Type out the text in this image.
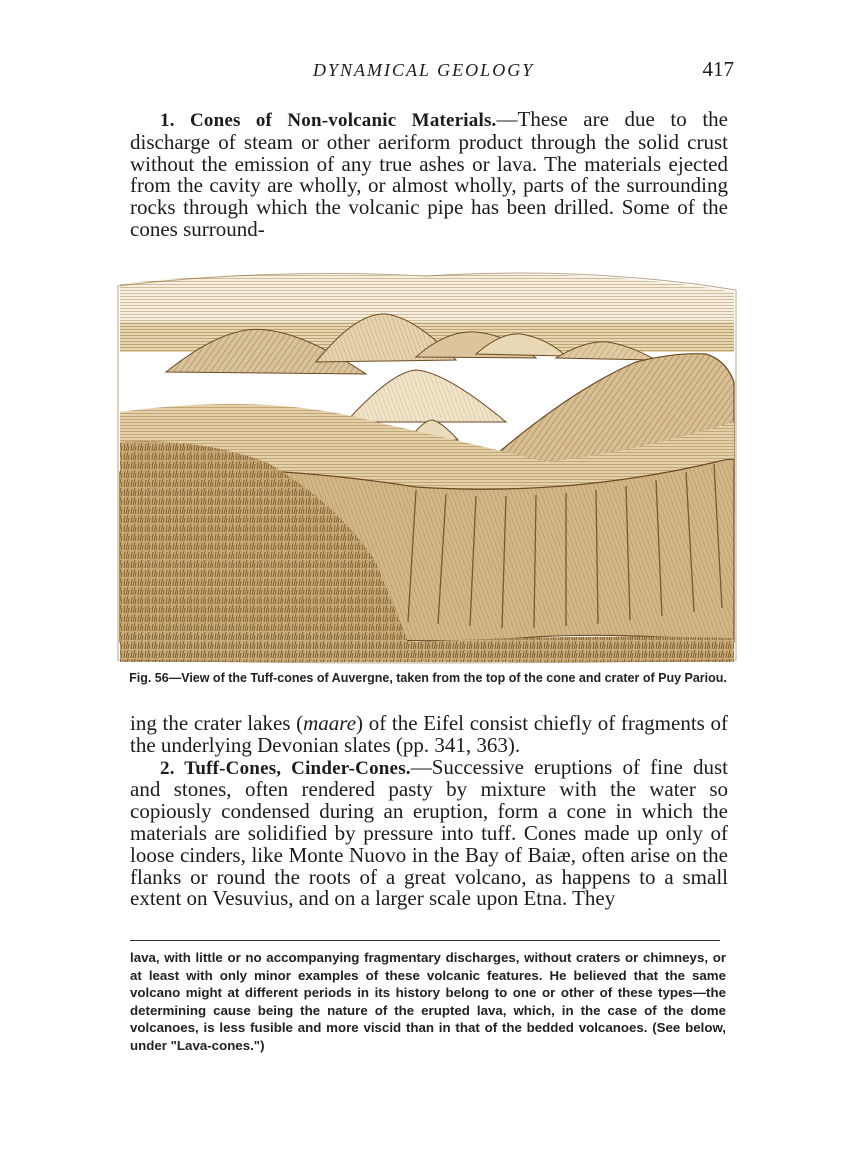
DYNAMICAL GEOLOGY	417

1. Cones of Non-volcanic Materials.—These are due to the discharge of steam or other aeriform product through the solid crust without the emission of any true ashes or lava. The materials ejected from the cavity are wholly, or almost wholly, parts of the surrounding rocks through which the volcanic pipe has been drilled. Some of the cones surround-

Fig. 56—View of the Tuff-cones of Auvergne, taken from the top of the cone and crater of Puy Pariou.

ing the crater lakes (maare) of the Eifel consist chiefly of fragments of the underlying Devonian slates (pp. 341, 363).

2. Tuff-Cones, Cinder-Cones.—Successive eruptions of fine dust and stones, often rendered pasty by mixture with the water so copiously condensed during an eruption, form a cone in which the materials are solidified by pressure into tuff. Cones made up only of loose cinders, like Monte Nuovo in the Bay of Baiæ, often arise on the flanks or round the roots of a great volcano, as happens to a small extent on Vesuvius, and on a larger scale upon Etna. They

lava, with little or no accompanying fragmentary discharges, without craters or chimneys, or at least with only minor examples of these volcanic features. He believed that the same volcano might at different periods in its history belong to one or other of these types—the determining cause being the nature of the erupted lava, which, in the case of the dome volcanoes, is less fusible and more viscid than in that of the bedded volcanoes. (See below, under "Lava-cones.")
